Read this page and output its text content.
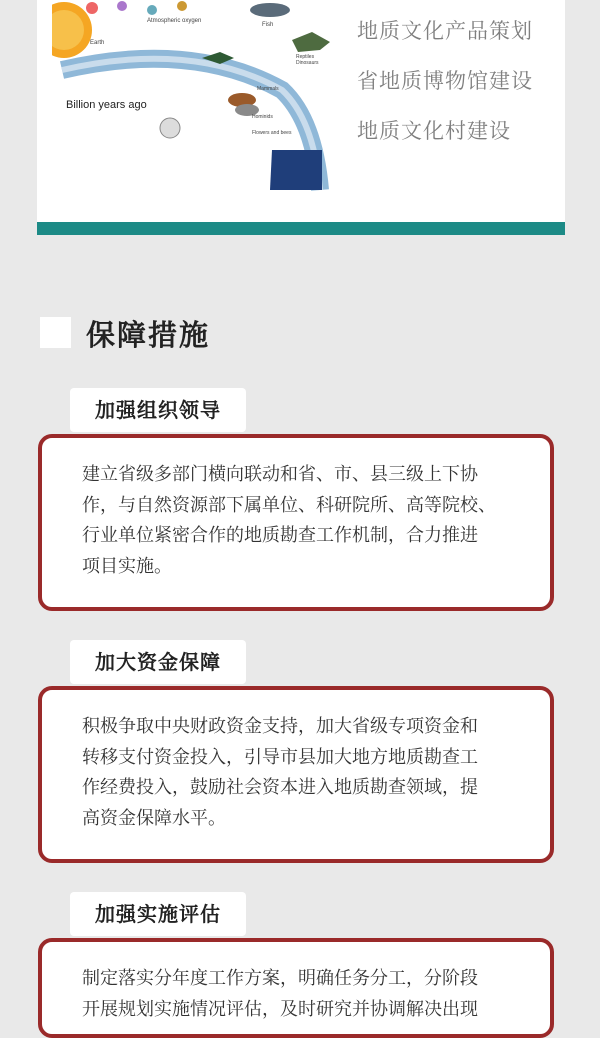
Atmospheric oxygen
Earth
Fish
Reptiles
Dinosaurs
Mammals
Hominids
Flowers and bees
Billion years ago
地质文化产品策划
省地质博物馆建设
地质文化村建设
保障措施
加强组织领导

建立省级多部门横向联动和省、市、县三级上下协

作，与自然资源部下属单位、科研院所、高等院校、

行业单位紧密合作的地质勘查工作机制，合力推进

项目实施。

加大资金保障

积极争取中央财政资金支持，加大省级专项资金和

转移支付资金投入，引导市县加大地方地质勘查工

作经费投入，鼓励社会资本进入地质勘查领域，提

高资金保障水平。

加强实施评估

制定落实分年度工作方案，明确任务分工，分阶段

开展规划实施情况评估，及时研究并协调解决出现
